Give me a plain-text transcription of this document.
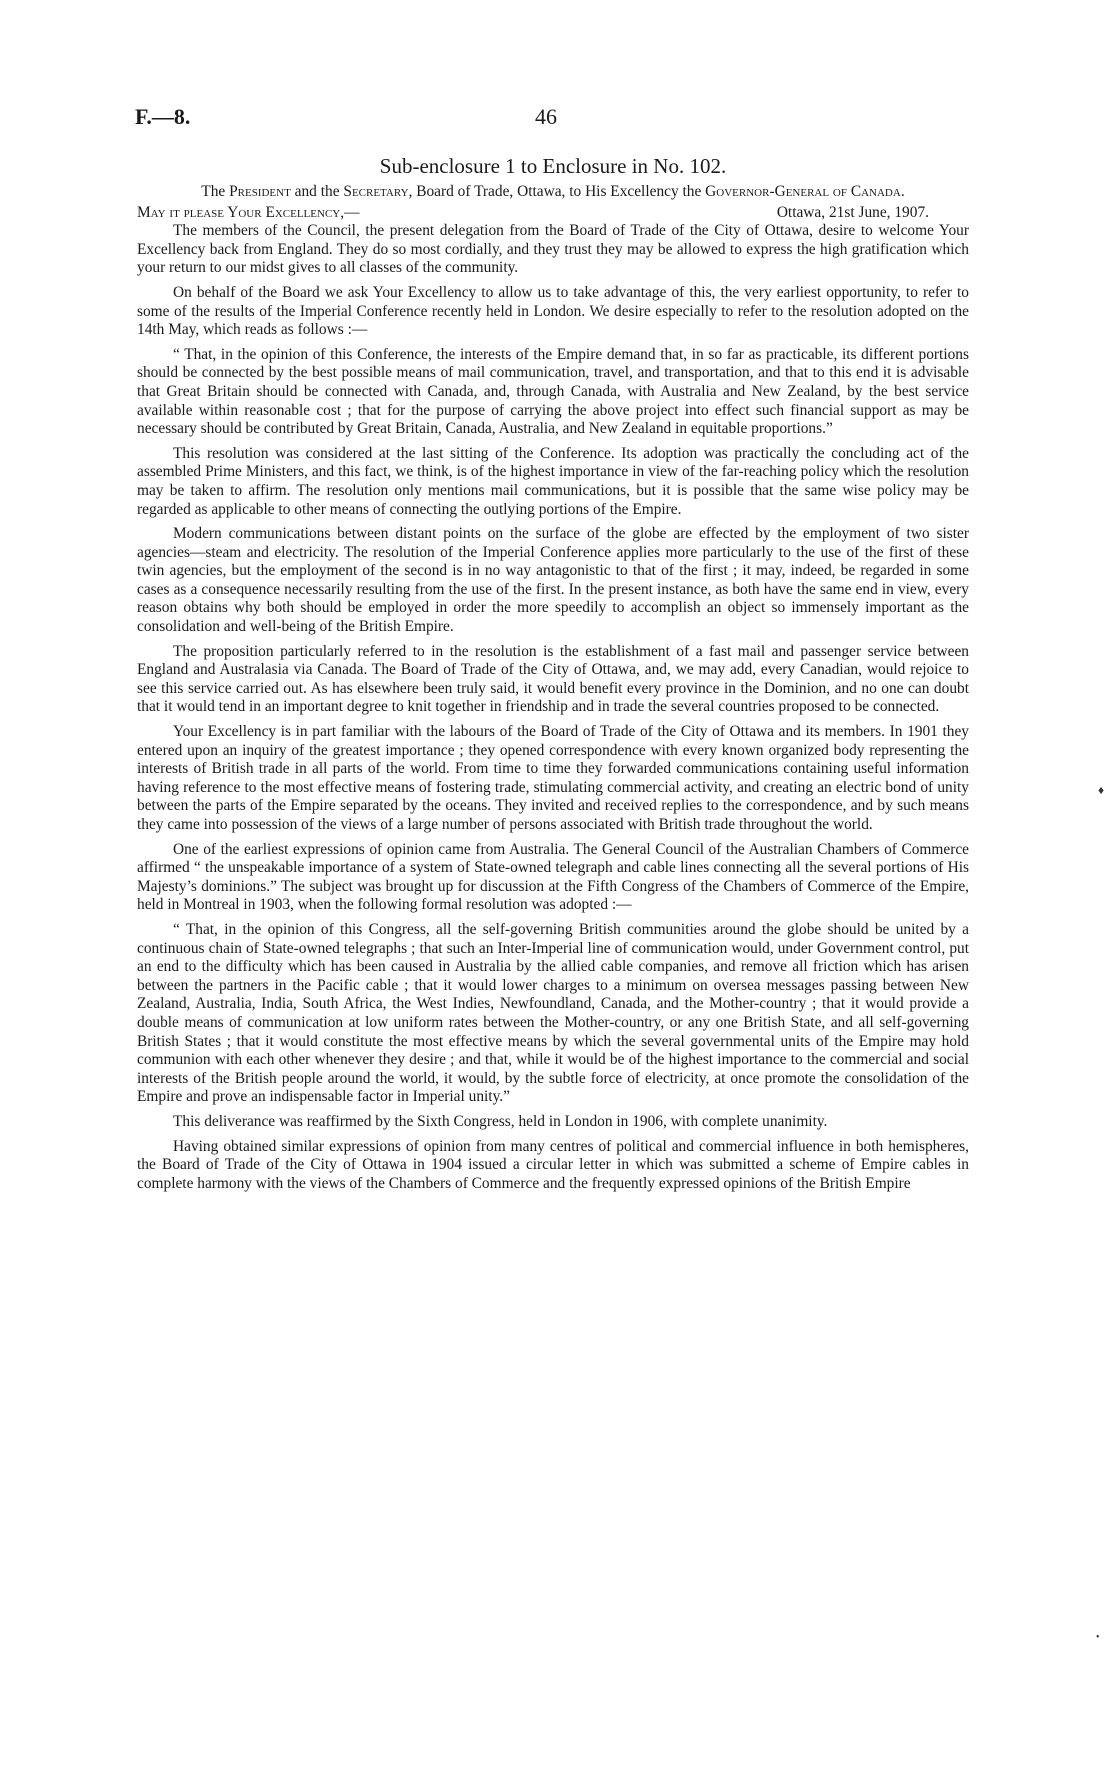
F.—8.	46
Sub-enclosure 1 to Enclosure in No. 102.

The President and the Secretary, Board of Trade, Ottawa, to His Excellency the Governor-General of Canada.

May it please Your Excellency,—	Ottawa, 21st June, 1907.

The members of the Council, the present delegation from the Board of Trade of the City of Ottawa, desire to welcome Your Excellency back from England. They do so most cordially, and they trust they may be allowed to express the high gratification which your return to our midst gives to all classes of the community.

On behalf of the Board we ask Your Excellency to allow us to take advantage of this, the very earliest opportunity, to refer to some of the results of the Imperial Conference recently held in London. We desire especially to refer to the resolution adopted on the 14th May, which reads as follows :—

“ That, in the opinion of this Conference, the interests of the Empire demand that, in so far as practicable, its different portions should be connected by the best possible means of mail communication, travel, and transportation, and that to this end it is advisable that Great Britain should be connected with Canada, and, through Canada, with Australia and New Zealand, by the best service available within reasonable cost ; that for the purpose of carrying the above project into effect such financial support as may be necessary should be contributed by Great Britain, Canada, Australia, and New Zealand in equitable proportions.”

This resolution was considered at the last sitting of the Conference. Its adoption was practically the concluding act of the assembled Prime Ministers, and this fact, we think, is of the highest importance in view of the far-reaching policy which the resolution may be taken to affirm. The resolution only mentions mail communications, but it is possible that the same wise policy may be regarded as applicable to other means of connecting the outlying portions of the Empire.

Modern communications between distant points on the surface of the globe are effected by the employment of two sister agencies—steam and electricity. The resolution of the Imperial Conference applies more particularly to the use of the first of these twin agencies, but the employment of the second is in no way antagonistic to that of the first ; it may, indeed, be regarded in some cases as a consequence necessarily resulting from the use of the first. In the present instance, as both have the same end in view, every reason obtains why both should be employed in order the more speedily to accomplish an object so immensely important as the consolidation and well-being of the British Empire.

The proposition particularly referred to in the resolution is the establishment of a fast mail and passenger service between England and Australasia via Canada. The Board of Trade of the City of Ottawa, and, we may add, every Canadian, would rejoice to see this service carried out. As has elsewhere been truly said, it would benefit every province in the Dominion, and no one can doubt that it would tend in an important degree to knit together in friendship and in trade the several countries proposed to be connected.

Your Excellency is in part familiar with the labours of the Board of Trade of the City of Ottawa and its members. In 1901 they entered upon an inquiry of the greatest importance ; they opened correspondence with every known organized body representing the interests of British trade in all parts of the world. From time to time they forwarded communications containing useful information having reference to the most effective means of fostering trade, stimulating commercial activity, and creating an electric bond of unity between the parts of the Empire separated by the oceans. They invited and received replies to the correspondence, and by such means they came into possession of the views of a large number of persons associated with British trade throughout the world.

One of the earliest expressions of opinion came from Australia. The General Council of the Australian Chambers of Commerce affirmed “ the unspeakable importance of a system of State-owned telegraph and cable lines connecting all the several portions of His Majesty’s dominions.” The subject was brought up for discussion at the Fifth Congress of the Chambers of Commerce of the Empire, held in Montreal in 1903, when the following formal resolution was adopted :—

“ That, in the opinion of this Congress, all the self-governing British communities around the globe should be united by a continuous chain of State-owned telegraphs ; that such an Inter-Imperial line of communication would, under Government control, put an end to the difficulty which has been caused in Australia by the allied cable companies, and remove all friction which has arisen between the partners in the Pacific cable ; that it would lower charges to a minimum on oversea messages passing between New Zealand, Australia, India, South Africa, the West Indies, Newfoundland, Canada, and the Mother-country ; that it would provide a double means of communication at low uniform rates between the Mother-country, or any one British State, and all self-governing British States ; that it would constitute the most effective means by which the several governmental units of the Empire may hold communion with each other whenever they desire ; and that, while it would be of the highest importance to the commercial and social interests of the British people around the world, it would, by the subtle force of electricity, at once promote the consolidation of the Empire and prove an indispensable factor in Imperial unity.”

This deliverance was reaffirmed by the Sixth Congress, held in London in 1906, with complete unanimity.

Having obtained similar expressions of opinion from many centres of political and commercial influence in both hemispheres, the Board of Trade of the City of Ottawa in 1904 issued a circular letter in which was submitted a scheme of Empire cables in complete harmony with the views of the Chambers of Commerce and the frequently expressed opinions of the British Empire

♦
•
